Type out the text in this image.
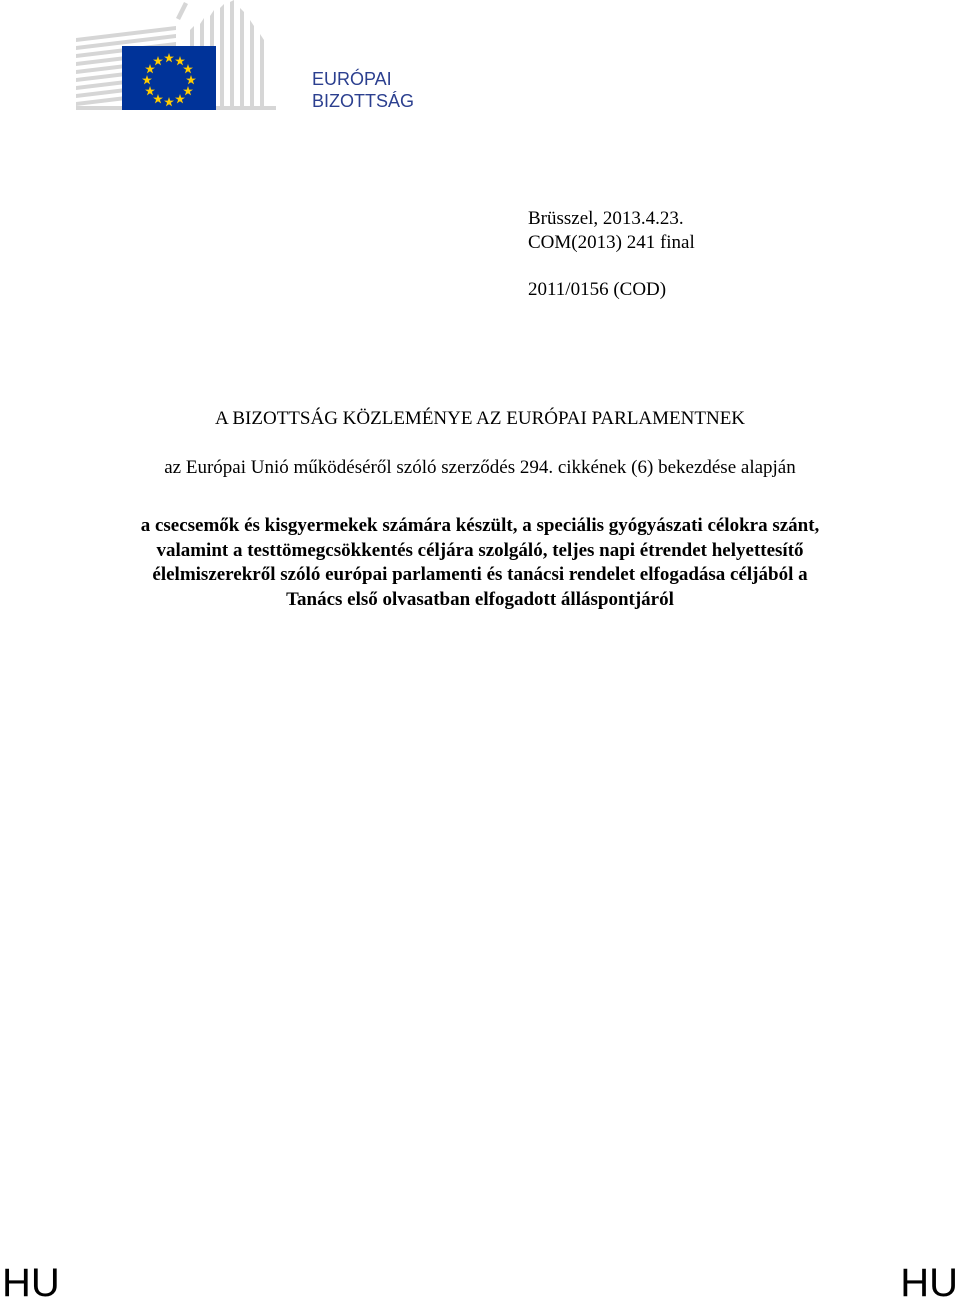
EURÓPAI
BIZOTTSÁG
Brüsszel, 2013.4.23.
COM(2013) 241 final
2011/0156 (COD)
A BIZOTTSÁG KÖZLEMÉNYE AZ EURÓPAI PARLAMENTNEK
az Európai Unió működéséről szóló szerződés 294. cikkének (6) bekezdése alapján
a csecsemők és kisgyermekek számára készült, a speciális gyógyászati célokra szánt,
valamint a testtömegcsökkentés céljára szolgáló, teljes napi étrendet helyettesítő
élelmiszerekről szóló európai parlamenti és tanácsi rendelet elfogadása céljából a
Tanács első olvasatban elfogadott álláspontjáról
HU	HU
